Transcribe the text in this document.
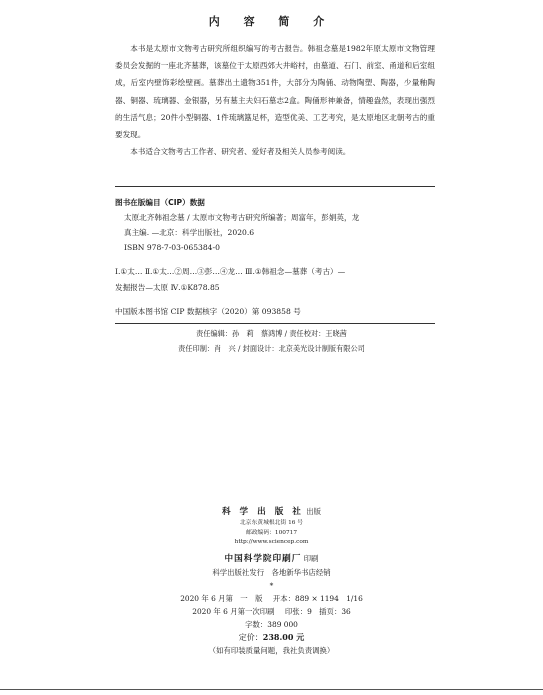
内 容 简 介

本书是太原市文物考古研究所组织编写的考古报告。韩祖念墓是1982年原太原市文物管理委员会发掘的一座北齐墓葬，该墓位于太原西郊大井峪村，由墓道、石门、前室、甬道和后室组成，后室内壁饰彩绘壁画。墓葬出土遗物351件，大部分为陶俑、动物陶塑、陶器，少量釉陶器、铜器、琉璃器、金银器，另有墓主夫妇石墓志2盒。陶俑形神兼备，情趣盎然，表现出强烈的生活气息；20件小型铜器、1件琉璃簋足杯，造型优美、工艺考究，是太原地区北朝考古的重要发现。

本书适合文物考古工作者、研究者、爱好者及相关人员参考阅读。

图书在版编目（CIP）数据
太原北齐韩祖念墓 / 太原市文物考古研究所编著；周富年，彭娟英，龙
真主编. —北京：科学出版社，2020.6
ISBN 978-7-03-065384-0
Ⅰ.①太… Ⅱ.①太…②周…③彭…④龙… Ⅲ.①韩祖念—墓葬（考古）—
发掘报告—太原 Ⅳ.①K878.85
中国版本图书馆 CIP 数据核字（2020）第 093858 号
责任编辑：孙　莉　蔡鸿博 / 责任校对：王晓茜
责任印制：肖　兴 / 封面设计：北京美光设计制版有限公司
科 学 出 版 社 出版
北京东黄城根北街 16 号
邮政编码：100717
http://www.sciencep.com
中国科学院印刷厂 印刷
科学出版社发行　各地新华书店经销
*
2020 年 6 月第　一　版 开本：889 × 1194　1/16
2020 年 6 月第一次印刷 印张：9　插页：36
字数：389 000
定价：238.00 元
（如有印装质量问题，我社负责调换）
